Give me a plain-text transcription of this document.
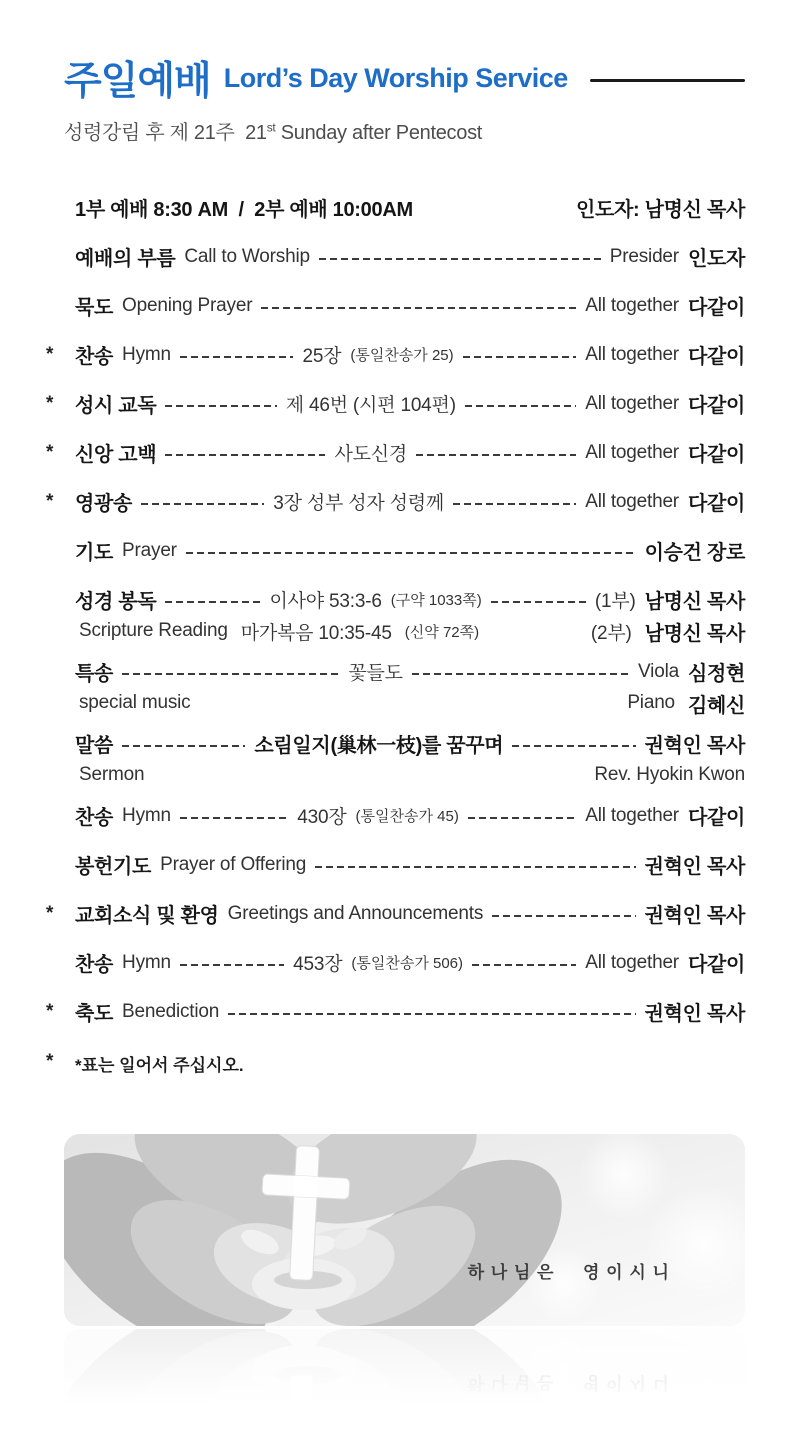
주일예배 Lord’s Day Worship Service
성령강림 후 제 21주  21st Sunday after Pentecost

1부 예배 8:30 AM  /  2부 예배 10:00AM	인도자: 남명신 목사

예배의 부름 Call to Worship	Presider 인도자

묵도 Opening Prayer	All together 다같이
*	찬송 Hymn	25장 (통일찬송가 25)	All together 다같이
*	성시 교독	제 46번 (시편 104편)	All together 다같이
*	신앙 고백	사도신경	All together 다같이
*	영광송	3장 성부 성자 성령께	All together 다같이

기도 Prayer	이승건 장로

성경 봉독	이사야 53:3-6 (구약 1033쪽)	(1부) 남명신 목사

Scripture Reading 마가복음 10:35-45 (신약 72쪽)	(2부) 남명신 목사

특송	꽃들도	Viola 심정현

special music	Piano 김혜신

말씀	소림일지(巢林一枝)를 꿈꾸며	권혁인 목사

Sermon	Rev. Hyokin Kwon

찬송 Hymn	430장 (통일찬송가 45)	All together 다같이

봉헌기도 Prayer of Offering	권혁인 목사
*	교회소식 및 환영 Greetings and Announcements	권혁인 목사

찬송 Hymn	453장 (통일찬송가 506)	All together 다같이
*	축도 Benediction	권혁인 목사
*	*표는 일어서 주십시오.

하 나 님 은     영 이 시 니
